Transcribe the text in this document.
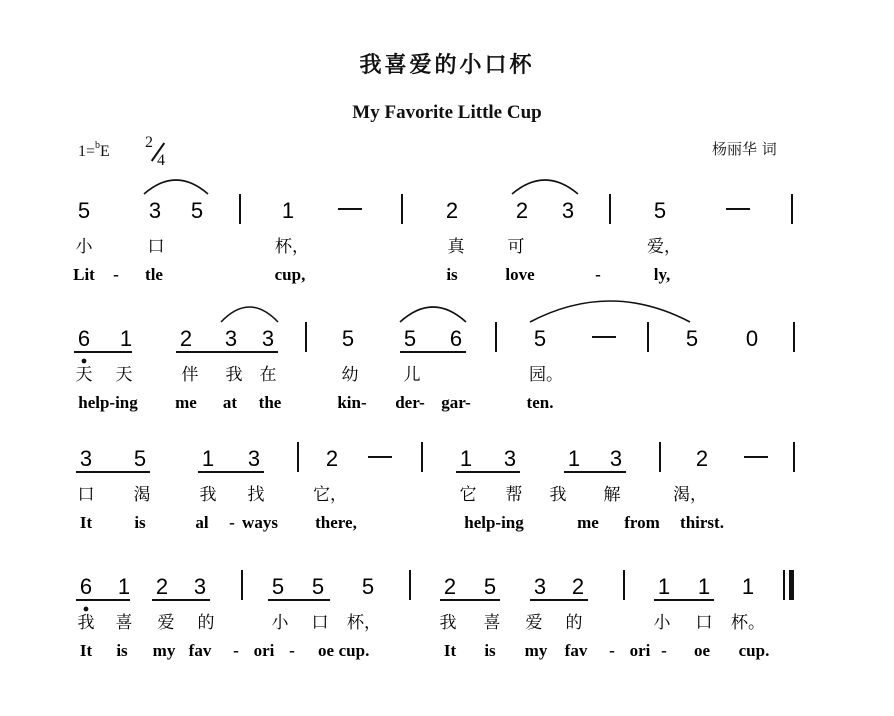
我喜爱的小口杯
My Favorite Little Cup
1=$^b$E
2
4
杨丽华 词
5	3 5	1	2	2 3	5
小	口	杯，	真	可	爱，
Lit - tle	cup,	is	love	-	ly,
6 1 2 3 3	5 5 6	5	5 0
天 天	伴 我 在	幼	儿	园。
help-ing me at the	kin- der- gar-	ten.
3 5	1 3	2	1 3 1 3	2
口 渴	我 找	它，	它 帮 我 解	渴，
It is	al - ways there,	help-ing	me from thirst.
6 1 2 3	5 5 5	2 5 3 2	1 1 1
我 喜 爱 的	小 口 杯，	我 喜 爱 的	小 口 杯。
It is my fav - ori - oe cup.	It is my fav - ori - oe cup.
